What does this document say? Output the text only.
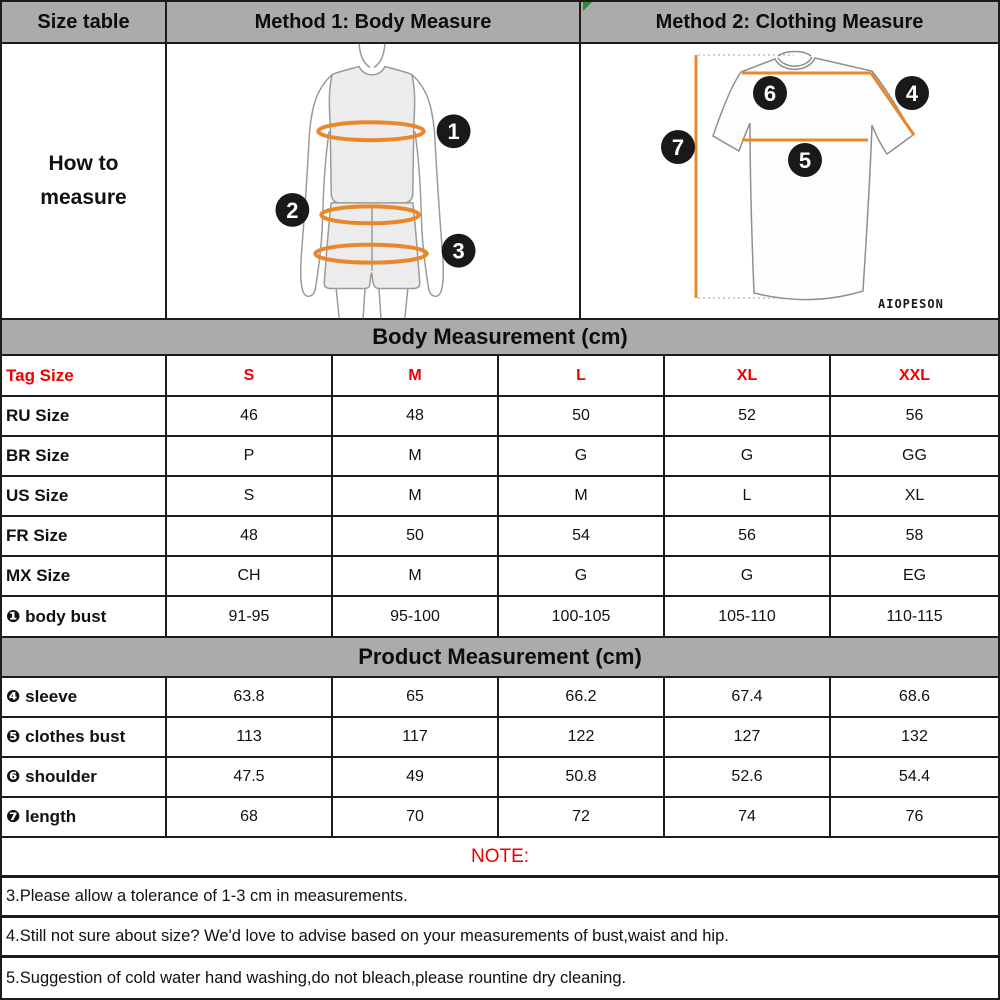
Size table	Method 1: Body Measure	Method 2: Clothing Measure
How to measure
1
2
3
6	4
5
7
AIOPESON
Body Measurement (cm)
Tag Size	S	M	L	XL	XXL
RU Size	46	48	50	52	56
BR Size	P	M	G	G	GG
US Size	S	M	M	L	XL
FR Size	48	50	54	56	58
MX Size	CH	M	G	G	EG
❶ body bust	91-95	95-100	100-105	105-110	110-115
Product Measurement (cm)
❹ sleeve	63.8	65	66.2	67.4	68.6
❺ clothes bust	113	117	122	127	132
❻ shoulder	47.5	49	50.8	52.6	54.4
❼ length	68	70	72	74	76
NOTE:
3.Please allow a tolerance of 1-3 cm in measurements.
4.Still not sure about size? We'd love to advise based on your measurements of bust,waist and hip.
5.Suggestion of cold water hand washing,do not bleach,please rountine dry cleaning.
